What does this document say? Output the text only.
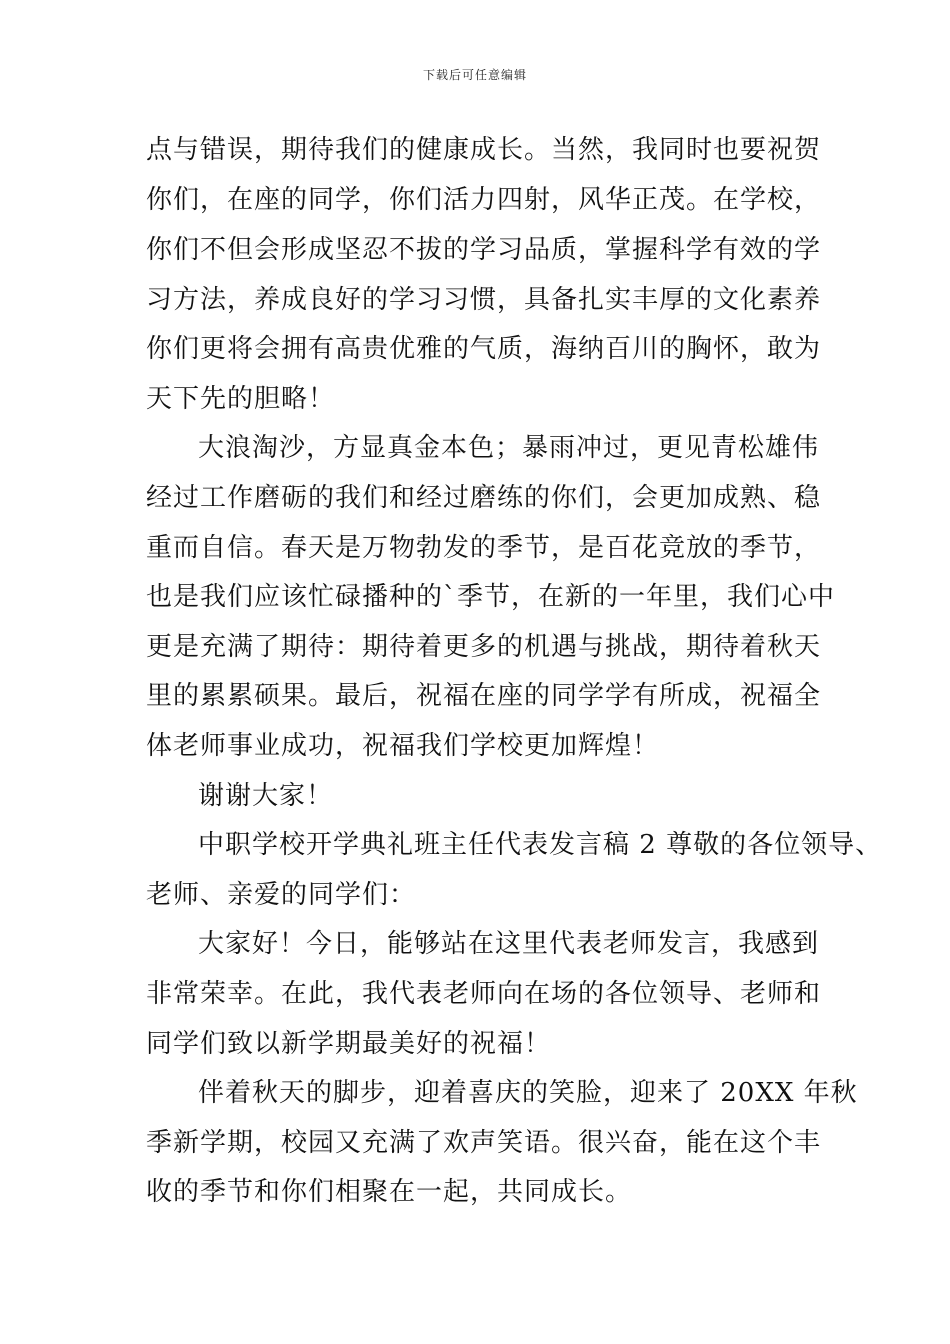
下载后可任意编辑
点与错误，期待我们的健康成长。当然，我同时也要祝贺
你们，在座的同学，你们活力四射，风华正茂。在学校，
你们不但会形成坚忍不拔的学习品质，掌握科学有效的学
习方法，养成良好的学习习惯，具备扎实丰厚的文化素养
你们更将会拥有高贵优雅的气质，海纳百川的胸怀，敢为
天下先的胆略！
大浪淘沙，方显真金本色；暴雨冲过，更见青松雄伟
经过工作磨砺的我们和经过磨练的你们，会更加成熟、稳
重而自信。春天是万物勃发的季节，是百花竞放的季节，
也是我们应该忙碌播种的`季节，在新的一年里，我们心中
更是充满了期待：期待着更多的机遇与挑战，期待着秋天
里的累累硕果。最后，祝福在座的同学学有所成，祝福全
体老师事业成功，祝福我们学校更加辉煌！
谢谢大家！
中职学校开学典礼班主任代表发言稿 2 尊敬的各位领导、
老师、亲爱的同学们：
大家好！今日，能够站在这里代表老师发言，我感到
非常荣幸。在此，我代表老师向在场的各位领导、老师和
同学们致以新学期最美好的祝福！
伴着秋天的脚步，迎着喜庆的笑脸，迎来了 20XX 年秋
季新学期，校园又充满了欢声笑语。很兴奋，能在这个丰
收的季节和你们相聚在一起，共同成长。
